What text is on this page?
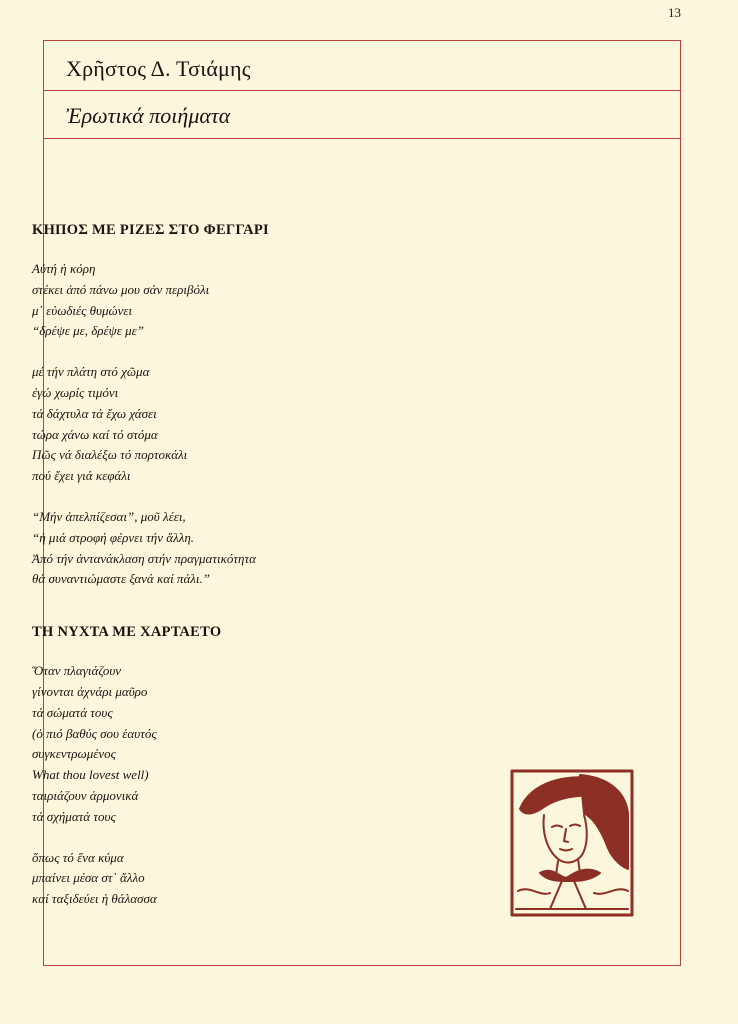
13
Χρῆστος Δ. Τσιάμης
Ἐρωτικά ποιήματα
ΚΗΠΟΣ ΜΕ ΡΙΖΕΣ ΣΤΟ ΦΕΓΓΑΡΙ
Αὐτή ἡ κόρη
στέκει ἀπό πάνω μου σάν περιβόλι
μ᾿ εὐωδιές θυμώνει
“δρέψε με, δρέψε με”
μέ τήν πλάτη στό χῶμα
ἐγώ χωρίς τιμόνι
τά δάχτυλα τά ἔχω χάσει
τώρα χάνω καί τό στόμα
Πῶς νά διαλέξω τό πορτοκάλι
πού ἔχει γιά κεφάλι
“Μήν ἀπελπίζεσαι”, μοῦ λέει,
“ἡ μιά στροφή φέρνει τήν ἄλλη.
Ἀπό τήν ἀντανάκλαση στήν πραγματικότητα
θά συναντιώμαστε ξανά καί πάλι.”
ΤΗ ΝΥΧΤΑ ΜΕ ΧΑΡΤΑΕΤΟ
Ὅταν πλαγιάζουν
γίνονται ἀχνάρι μαῦρο
τά σώματά τους
(ὁ πιό βαθύς σου ἑαυτός
συγκεντρωμένος
What thou lovest well)
ταιριάζουν ἁρμονικά
τά σχήματά τους
ὅπως τό ἕνα κύμα
μπαίνει μέσα στ᾿ ἄλλο
καί ταξιδεύει ἡ θάλασσα
